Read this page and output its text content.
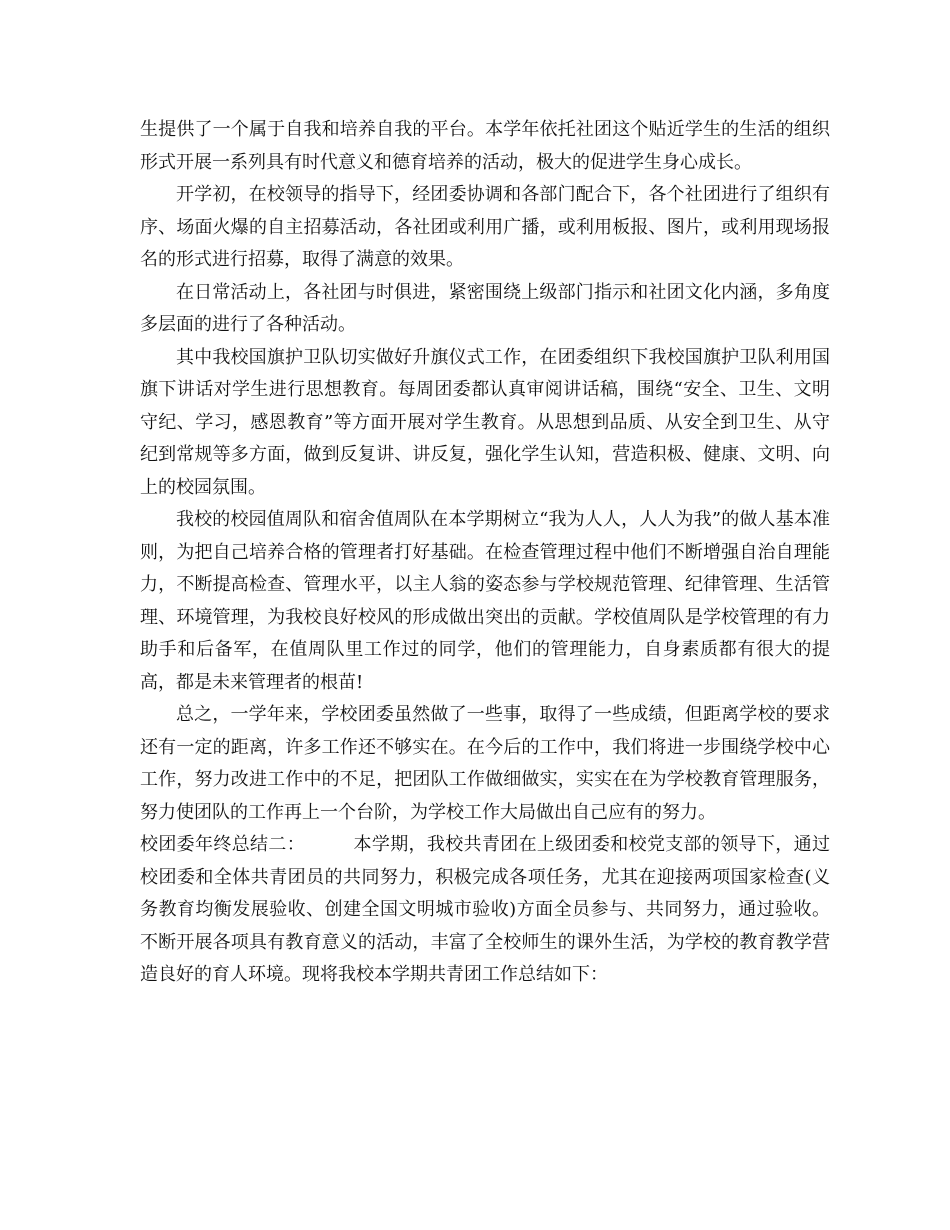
生提供了一个属于自我和培养自我的平台。本学年依托社团这个贴近学生的生活的组织形式开展一系列具有时代意义和德育培养的活动，极大的促进学生身心成长。

开学初，在校领导的指导下，经团委协调和各部门配合下，各个社团进行了组织有序、场面火爆的自主招募活动，各社团或利用广播，或利用板报、图片，或利用现场报名的形式进行招募，取得了满意的效果。

在日常活动上，各社团与时俱进，紧密围绕上级部门指示和社团文化内涵，多角度多层面的进行了各种活动。

其中我校国旗护卫队切实做好升旗仪式工作，在团委组织下我校国旗护卫队利用国旗下讲话对学生进行思想教育。每周团委都认真审阅讲话稿，围绕“安全、卫生、文明守纪、学习，感恩教育”等方面开展对学生教育。从思想到品质、从安全到卫生、从守纪到常规等多方面，做到反复讲、讲反复，强化学生认知，营造积极、健康、文明、向上的校园氛围。

我校的校园值周队和宿舍值周队在本学期树立“我为人人，人人为我”的做人基本准则，为把自己培养合格的管理者打好基础。在检查管理过程中他们不断增强自治自理能力，不断提高检查、管理水平，以主人翁的姿态参与学校规范管理、纪律管理、生活管理、环境管理，为我校良好校风的形成做出突出的贡献。学校值周队是学校管理的有力助手和后备军，在值周队里工作过的同学，他们的管理能力，自身素质都有很大的提高，都是未来管理者的根苗!

总之，一学年来，学校团委虽然做了一些事，取得了一些成绩，但距离学校的要求还有一定的距离，许多工作还不够实在。在今后的工作中，我们将进一步围绕学校中心工作，努力改进工作中的不足，把团队工作做细做实，实实在在为学校教育管理服务，努力使团队的工作再上一个台阶，为学校工作大局做出自己应有的努力。

校团委年终总结二：        本学期，我校共青团在上级团委和校党支部的领导下，通过校团委和全体共青团员的共同努力，积极完成各项任务，尤其在迎接两项国家检查(义务教育均衡发展验收、创建全国文明城市验收)方面全员参与、共同努力，通过验收。不断开展各项具有教育意义的活动，丰富了全校师生的课外生活，为学校的教育教学营造良好的育人环境。现将我校本学期共青团工作总结如下：
